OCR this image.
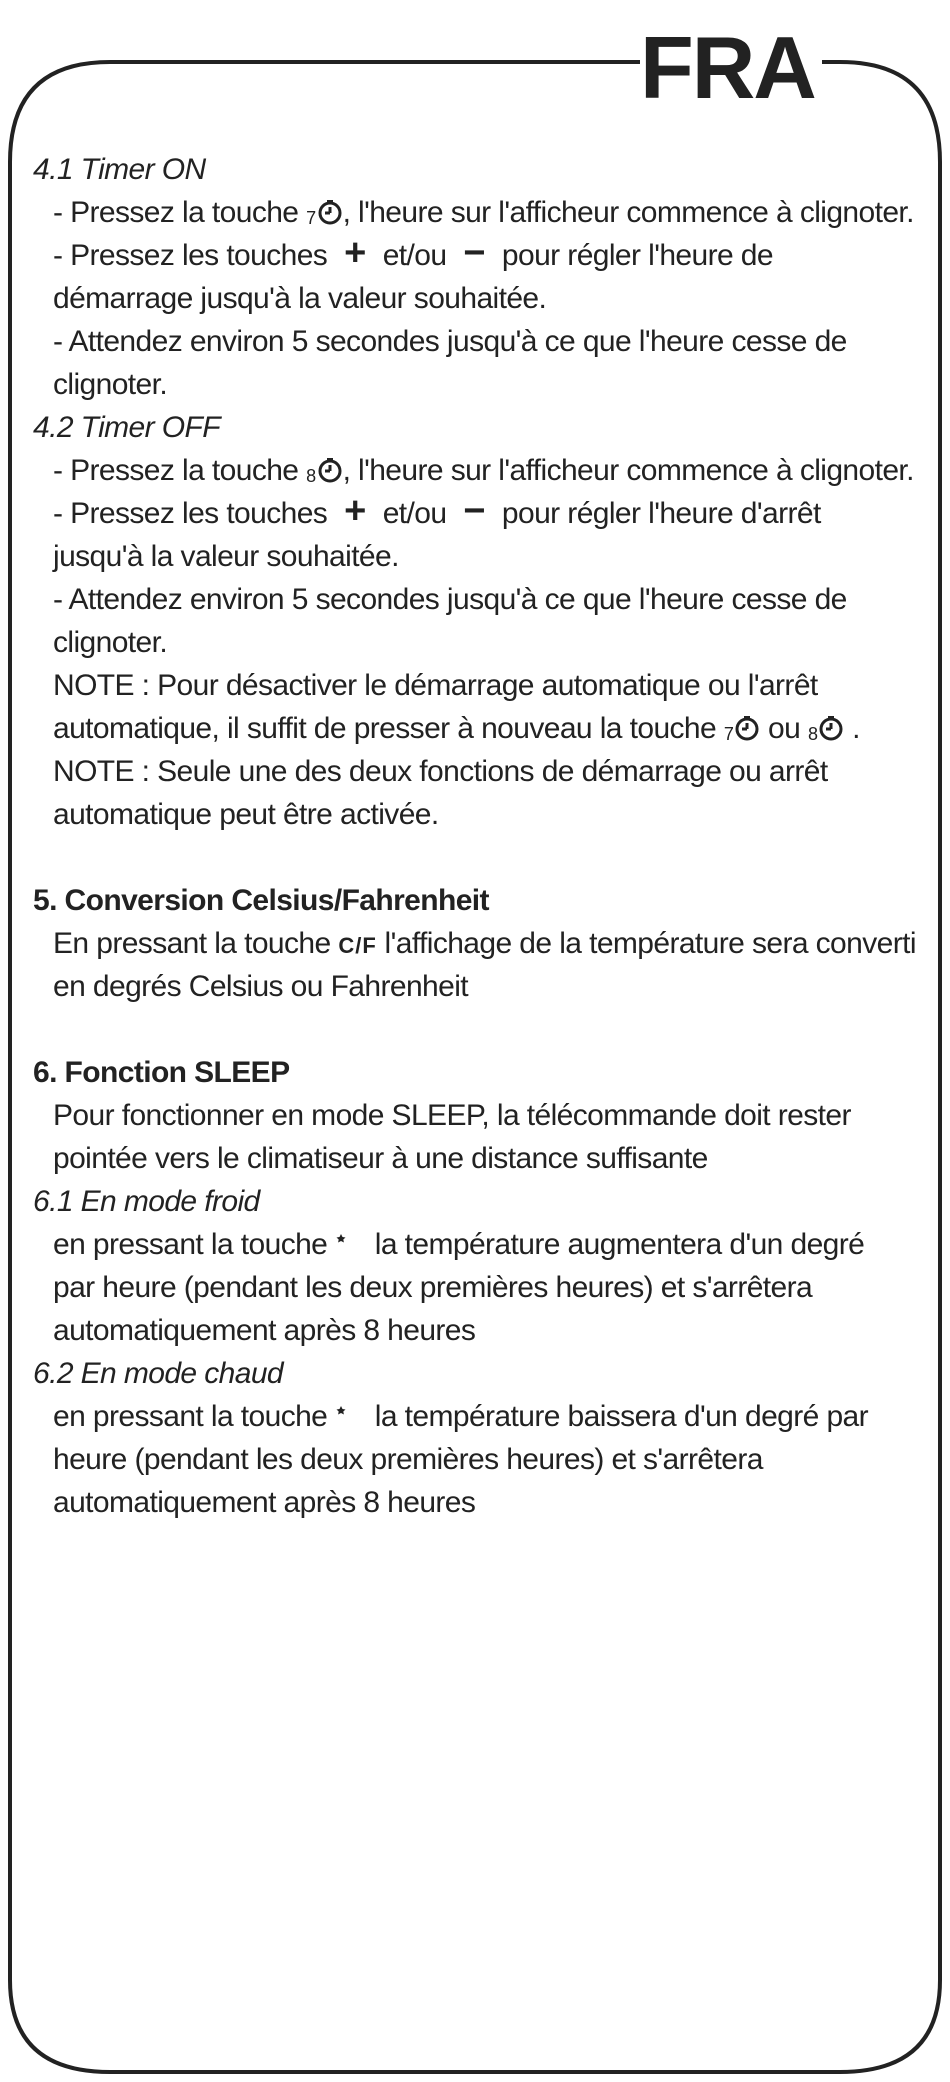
FRA
4.1 Timer ON
- Pressez la touche $_7$ , l'heure sur l'afficheur commence à clignoter.
- Pressez les touches + et/ou − pour régler l'heure de
démarrage jusqu'à la valeur souhaitée.
- Attendez environ 5 secondes jusqu'à ce que l'heure cesse de
clignoter.
4.2 Timer OFF
- Pressez la touche $_8$ , l'heure sur l'afficheur commence à clignoter.
- Pressez les touches + et/ou − pour régler l'heure d'arrêt
jusqu'à la valeur souhaitée.
- Attendez environ 5 secondes jusqu'à ce que l'heure cesse de
clignoter.
NOTE : Pour désactiver le démarrage automatique ou l'arrêt
automatique, il suffit de presser à nouveau la touche $_7$ ou $_8$ .
NOTE : Seule une des deux fonctions de démarrage ou arrêt
automatique peut être activée.
5. Conversion Celsius/Fahrenheit
En pressant la touche C/F l'affichage de la température sera converti
en degrés Celsius ou Fahrenheit
6. Fonction SLEEP
Pour fonctionner en mode SLEEP, la télécommande doit rester
pointée vers le climatiseur à une distance suffisante
6.1 En mode froid
en pressant la touche la température augmentera d'un degré
par heure (pendant les deux premières heures) et s'arrêtera
automatiquement après 8 heures
6.2 En mode chaud
en pressant la touche la température baissera d'un degré par
heure (pendant les deux premières heures) et s'arrêtera
automatiquement après 8 heures
